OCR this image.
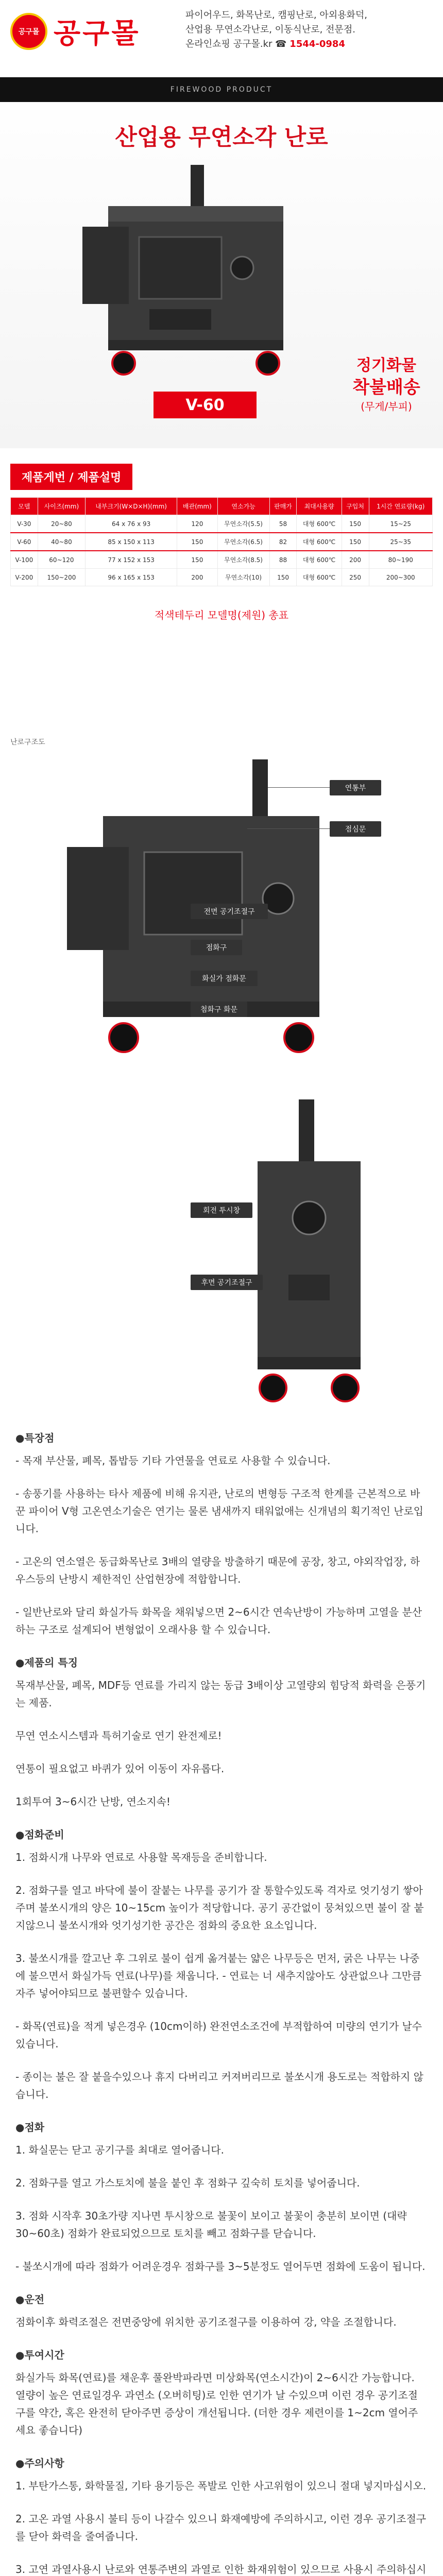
공구몰 공구몰
파이어우드, 화목난로, 캠핑난로, 아외용화덕,
산업용 무연소각난로, 이동식난로, 전문점.
온라인쇼핑 공구몰.kr ☎ 1544-0984
FIREWOOD PRODUCT
산업용 무연소각 난로
V-60
정기화물
착불배송
(무게/부피)
제품게번 / 제품설명
모델	사이즈(mm)	내부크기(W×D×H)(mm)	배관(mm)	연소가능	판매가	최대사용량	구입처	1시간 연료량(kg)
V-30	20~80	64 x 76 x 93	120	무연소각(5.5)	58	대형 600℃	150	15~25
V-60	40~80	85 x 150 x 113	150	무연소각(6.5)	82	대형 600℃	150	25~35
V-100	60~120	77 x 152 x 153	150	무연소각(8.5)	88	대형 600℃	200	80~190
V-200	150~200	96 x 165 x 153	200	무연소각(10)	150	대형 600℃	250	200~300
적색테두리 모델명(제원) 총표
난로구조도
연통부
점심문
전면 공기조절구
점화구
화실가 점화문
첨화구 화문
회전 투시창
후면 공기조절구
●특장점

- 목재 부산물, 폐목, 톱밥등 기타 가연물을 연료로 사용할 수 있습니다.

- 송풍기를 사용하는 타사 제품에 비해 유지관, 난로의 변형등 구조적 한계를 근본적으로 바꾼 파이어 V형 고온연소기술은 연기는 물론 냄새까지 태워없애는 신개념의 획기적인 난로입니다.

- 고온의 연소열은 동급화목난로 3배의 열량을 방출하기 때문에 공장, 창고, 야외작업장, 하우스등의 난방시 제한적인 산업현장에 적합합니다.

- 일반난로와 달리 화실가득 화목을 채워넣으면 2~6시간 연속난방이 가능하며 고열을 분산하는 구조로 설계되어 변형없이 오래사용 할 수 있습니다.

●제품의 특징

목재부산물, 폐목, MDF등 연료를 가리지 않는 동급 3배이상 고열량외 힘당적 화력을 은풍기는 제품.

무연 연소시스템과 특허기술로 연기 완전제로!

연통이 필요없고 바퀴가 있어 이동이 자유롭다.

1회투여 3~6시간 난방, 연소지속!

●점화준비

1. 점화시개 나무와 연료로 사용할 목재등을 준비합니다.

2. 점화구를 열고 바닥에 불이 잘붙는 나무를 공기가 잘 통할수있도록 격자로 엇기성기 쌓아주며 불쏘시개의 양은 10~15cm 높이가 적당합니다. 공기 공간없이 뭉쳐있으면 불이 잘 붙지않으니 불쏘시개와 엇기성기한 공간은 점화의 중요한 요소입니다.

3. 불쏘시개를 깔고난 후 그위로 불이 쉽게 옮겨붙는 얇은 나무등은 먼저, 굵은 나무는 나중에 불으면서 화실가득 연료(나무)를 채웁니다. - 연료는 너 새추지않아도 상관없으나 그만큼 자주 넣어야되므로 불편할수 있습니다.

- 화목(연료)을 적게 넣은경우 (10cm이하) 완전연소조건에 부적합하여 미량의 연기가 날수있습니다.

- 종이는 불은 잘 붙을수있으나 휴지 다버리고 커져버리므로 불쏘시개 용도로는 적합하지 않습니다.

●점화

1. 화실문는 닫고 공기구를 최대로 열어줍니다.

2. 점화구를 열고 가스토치에 불을 붙인 후 점화구 깊숙히 토치를 넣어줍니다.

3. 점화 시작후 30초가량 지나면 투시창으로 불꽃이 보이고 불꽃이 충분히 보이면 (대략 30~60초) 점화가 완료되었으므로 토치를 빼고 점화구를 닫습니다.

- 불쏘시개에 따라 점화가 어려운경우 점화구를 3~5분정도 열어두면 점화에 도움이 됩니다.

●운전

점화이후 화력조절은 전면중앙에 위치한 공기조절구를 이용하여 강, 약을 조절합니다.

●투여시간

화실가득 화목(연료)를 채운후 풀완박파라면 미상화목(연소시간)이 2~6시간 가능합니다. 열량이 높은 연료일경우 과연소 (오버히팅)로 인한 연기가 날 수있으며 이런 경우 공기조절구를 약간, 혹은 완전히 닫아주면 증상이 개선됩니다. (더한 경우 제련이를 1~2cm 열어주세요 좋습니다)

●주의사항

1. 부탄가스통, 화학물질, 기타 용기등은 폭발로 인한 사고위험이 있으니 절대 넣지마십시오.

2. 고온 과열 사용시 불티 등이 나갈수 있으니 화재예방에 주의하시고, 이런 경우 공기조절구를 닫아 화력을 줄여줍니다.

3. 고연 과열사용시 난로와 연통주변의 과열로 인한 화재위험이 있으므로 사용시 주의하십시
